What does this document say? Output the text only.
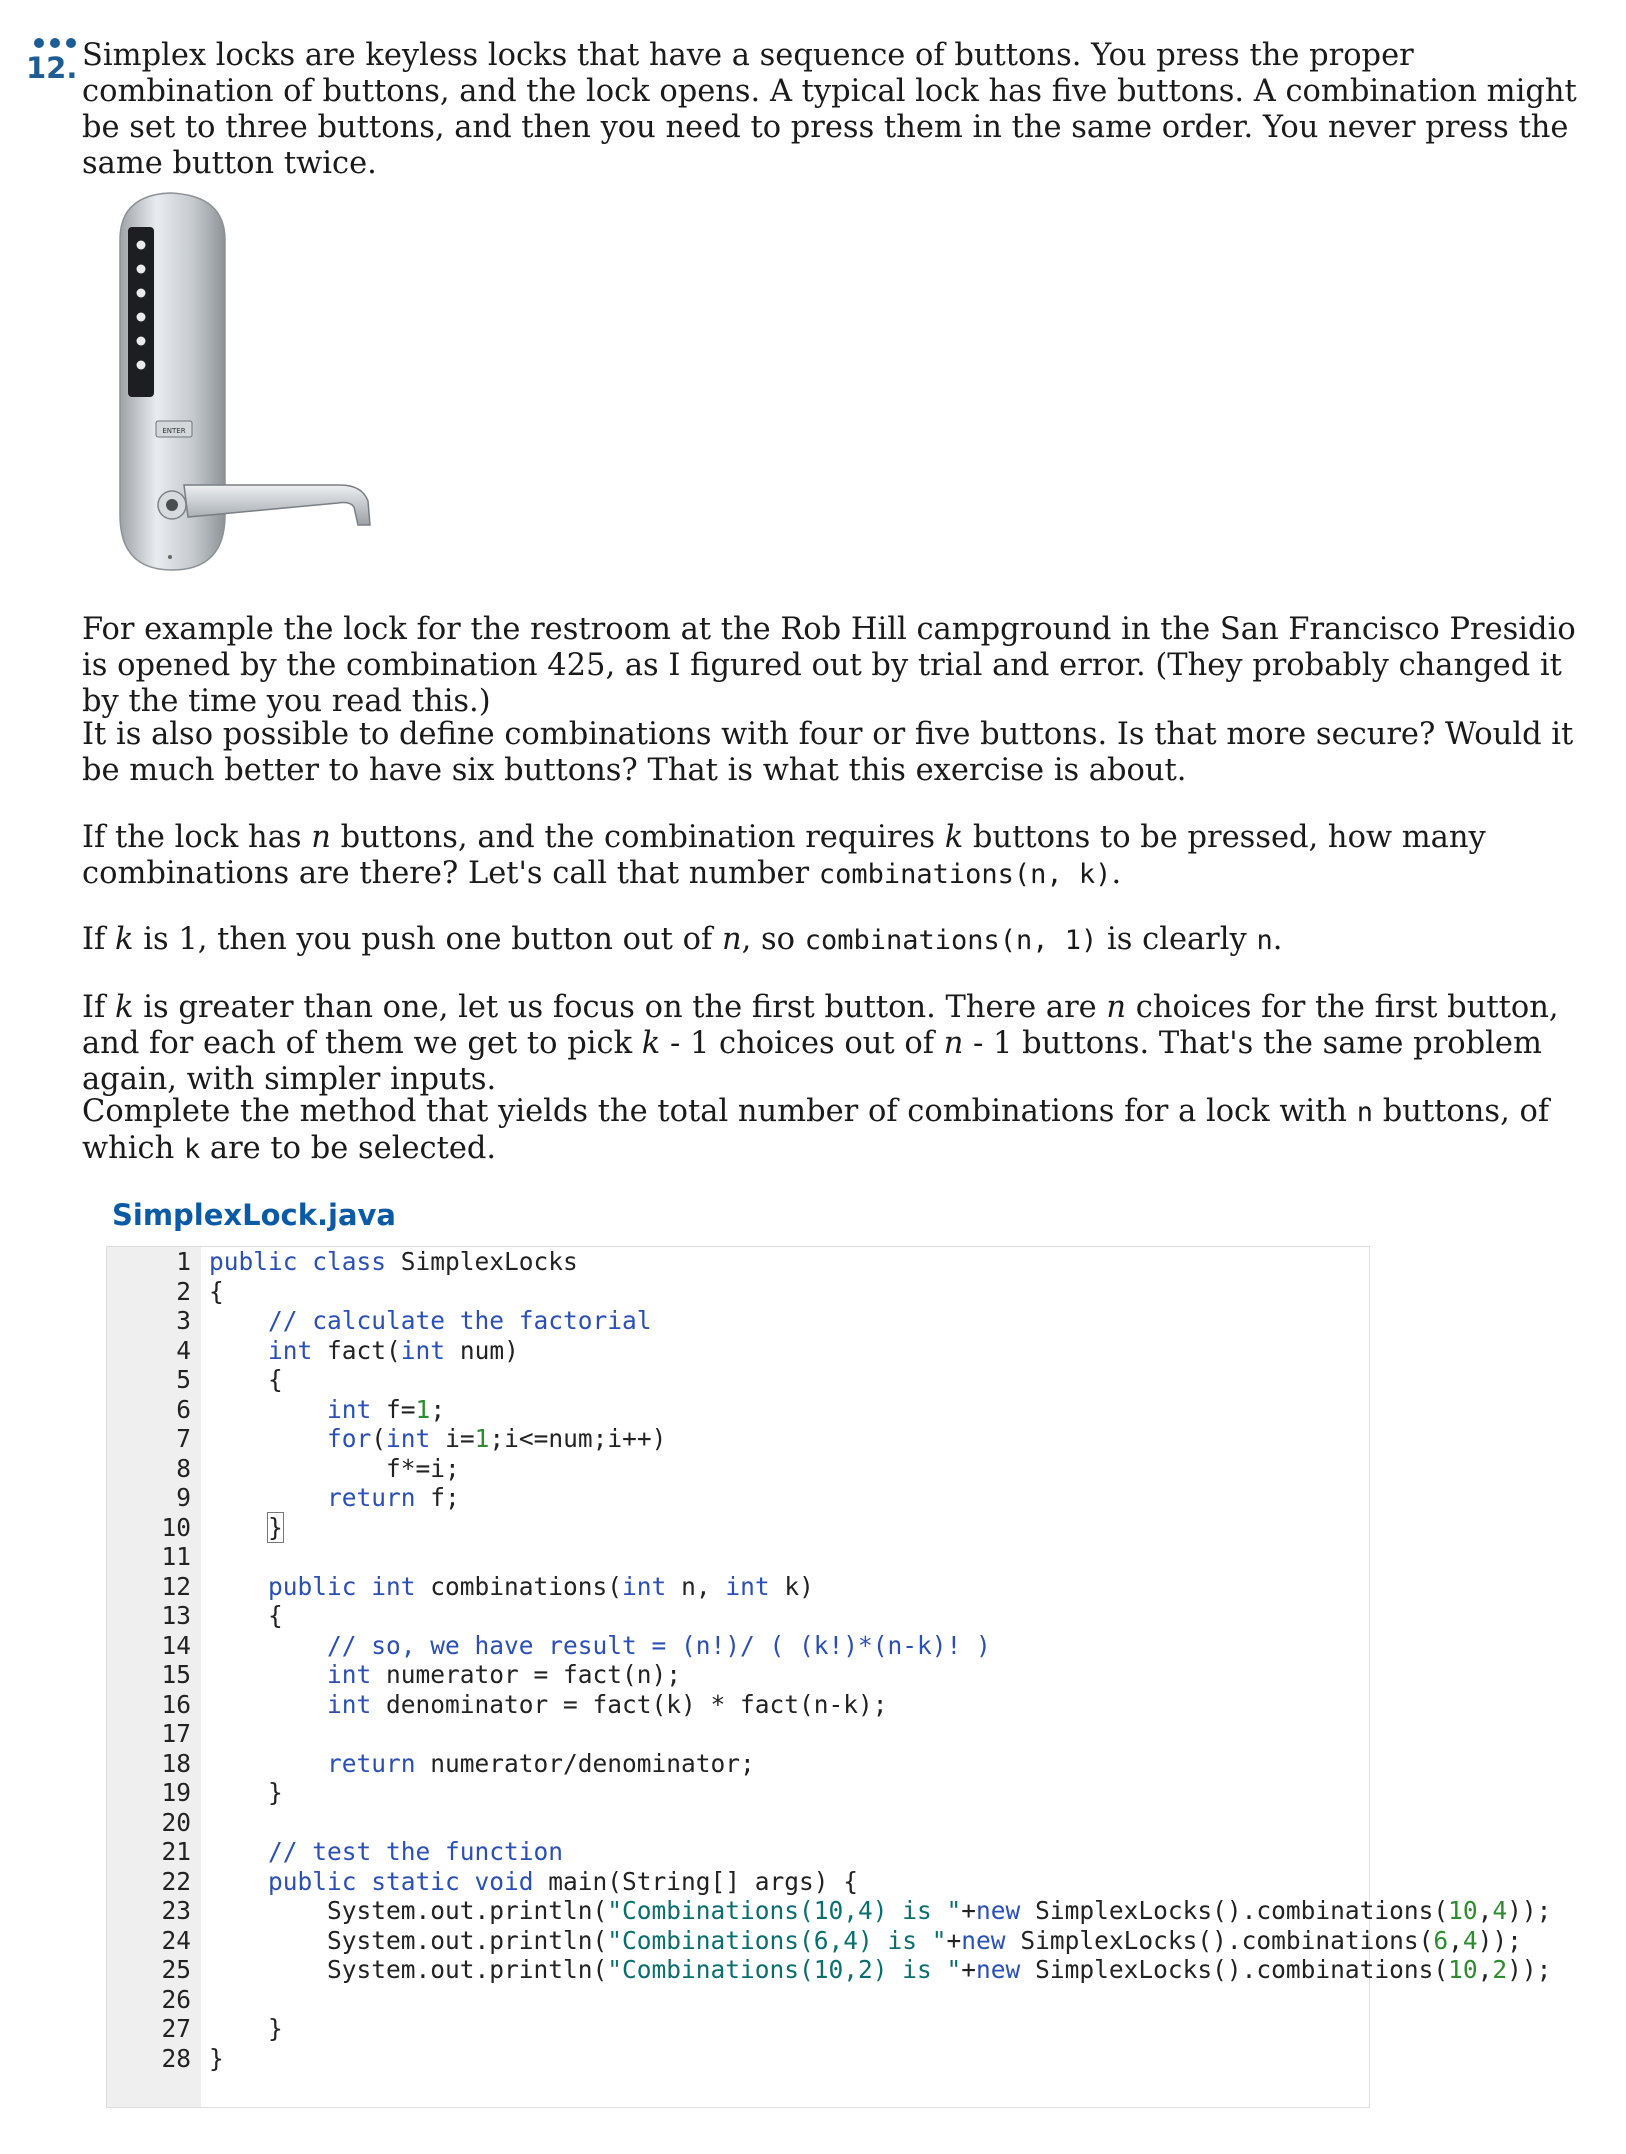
12. Simplex locks are keyless locks that have a sequence of buttons. You press the proper combination of buttons, and the lock opens. A typical lock has five buttons. A combination might be set to three buttons, and then you need to press them in the same order. You never press the same button twice.

ENTER

For example the lock for the restroom at the Rob Hill campground in the San Francisco Presidio is opened by the combination 425, as I figured out by trial and error. (They probably changed it by the time you read this.)

It is also possible to define combinations with four or five buttons. Is that more secure? Would it be much better to have six buttons? That is what this exercise is about.

If the lock has n buttons, and the combination requires k buttons to be pressed, how many combinations are there? Let's call that number combinations(n, k).

If k is 1, then you push one button out of n, so combinations(n, 1) is clearly n.

If k is greater than one, let us focus on the first button. There are n choices for the first button, and for each of them we get to pick k - 1 choices out of n - 1 buttons. That's the same problem again, with simpler inputs.

Complete the method that yields the total number of combinations for a lock with n buttons, of which k are to be selected.

SimplexLock.java
1 public class SimplexLocks
2 {
3	// calculate the factorial
4	int fact(int num)
5 {
6	int f=1;
7	for(int i=1;i<=num;i++)
8 f*=i;
9	return f;
10	}
11
12	public int combinations(int n, int k)
13 {
14	// so, we have result = (n!)/ ( (k!)*(n-k)! )
15	int numerator = fact(n);
16	int denominator = fact(k) * fact(n-k);
17
18	return numerator/denominator;
19 }
20
21	// test the function
22	public static void main(String[] args) {
23 System.out.println("Combinations(10,4) is "+new SimplexLocks().combinations(10,4));
24 System.out.println("Combinations(6,4) is "+new SimplexLocks().combinations(6,4));
25 System.out.println("Combinations(10,2) is "+new SimplexLocks().combinations(10,2));
26
27 }
28 }
